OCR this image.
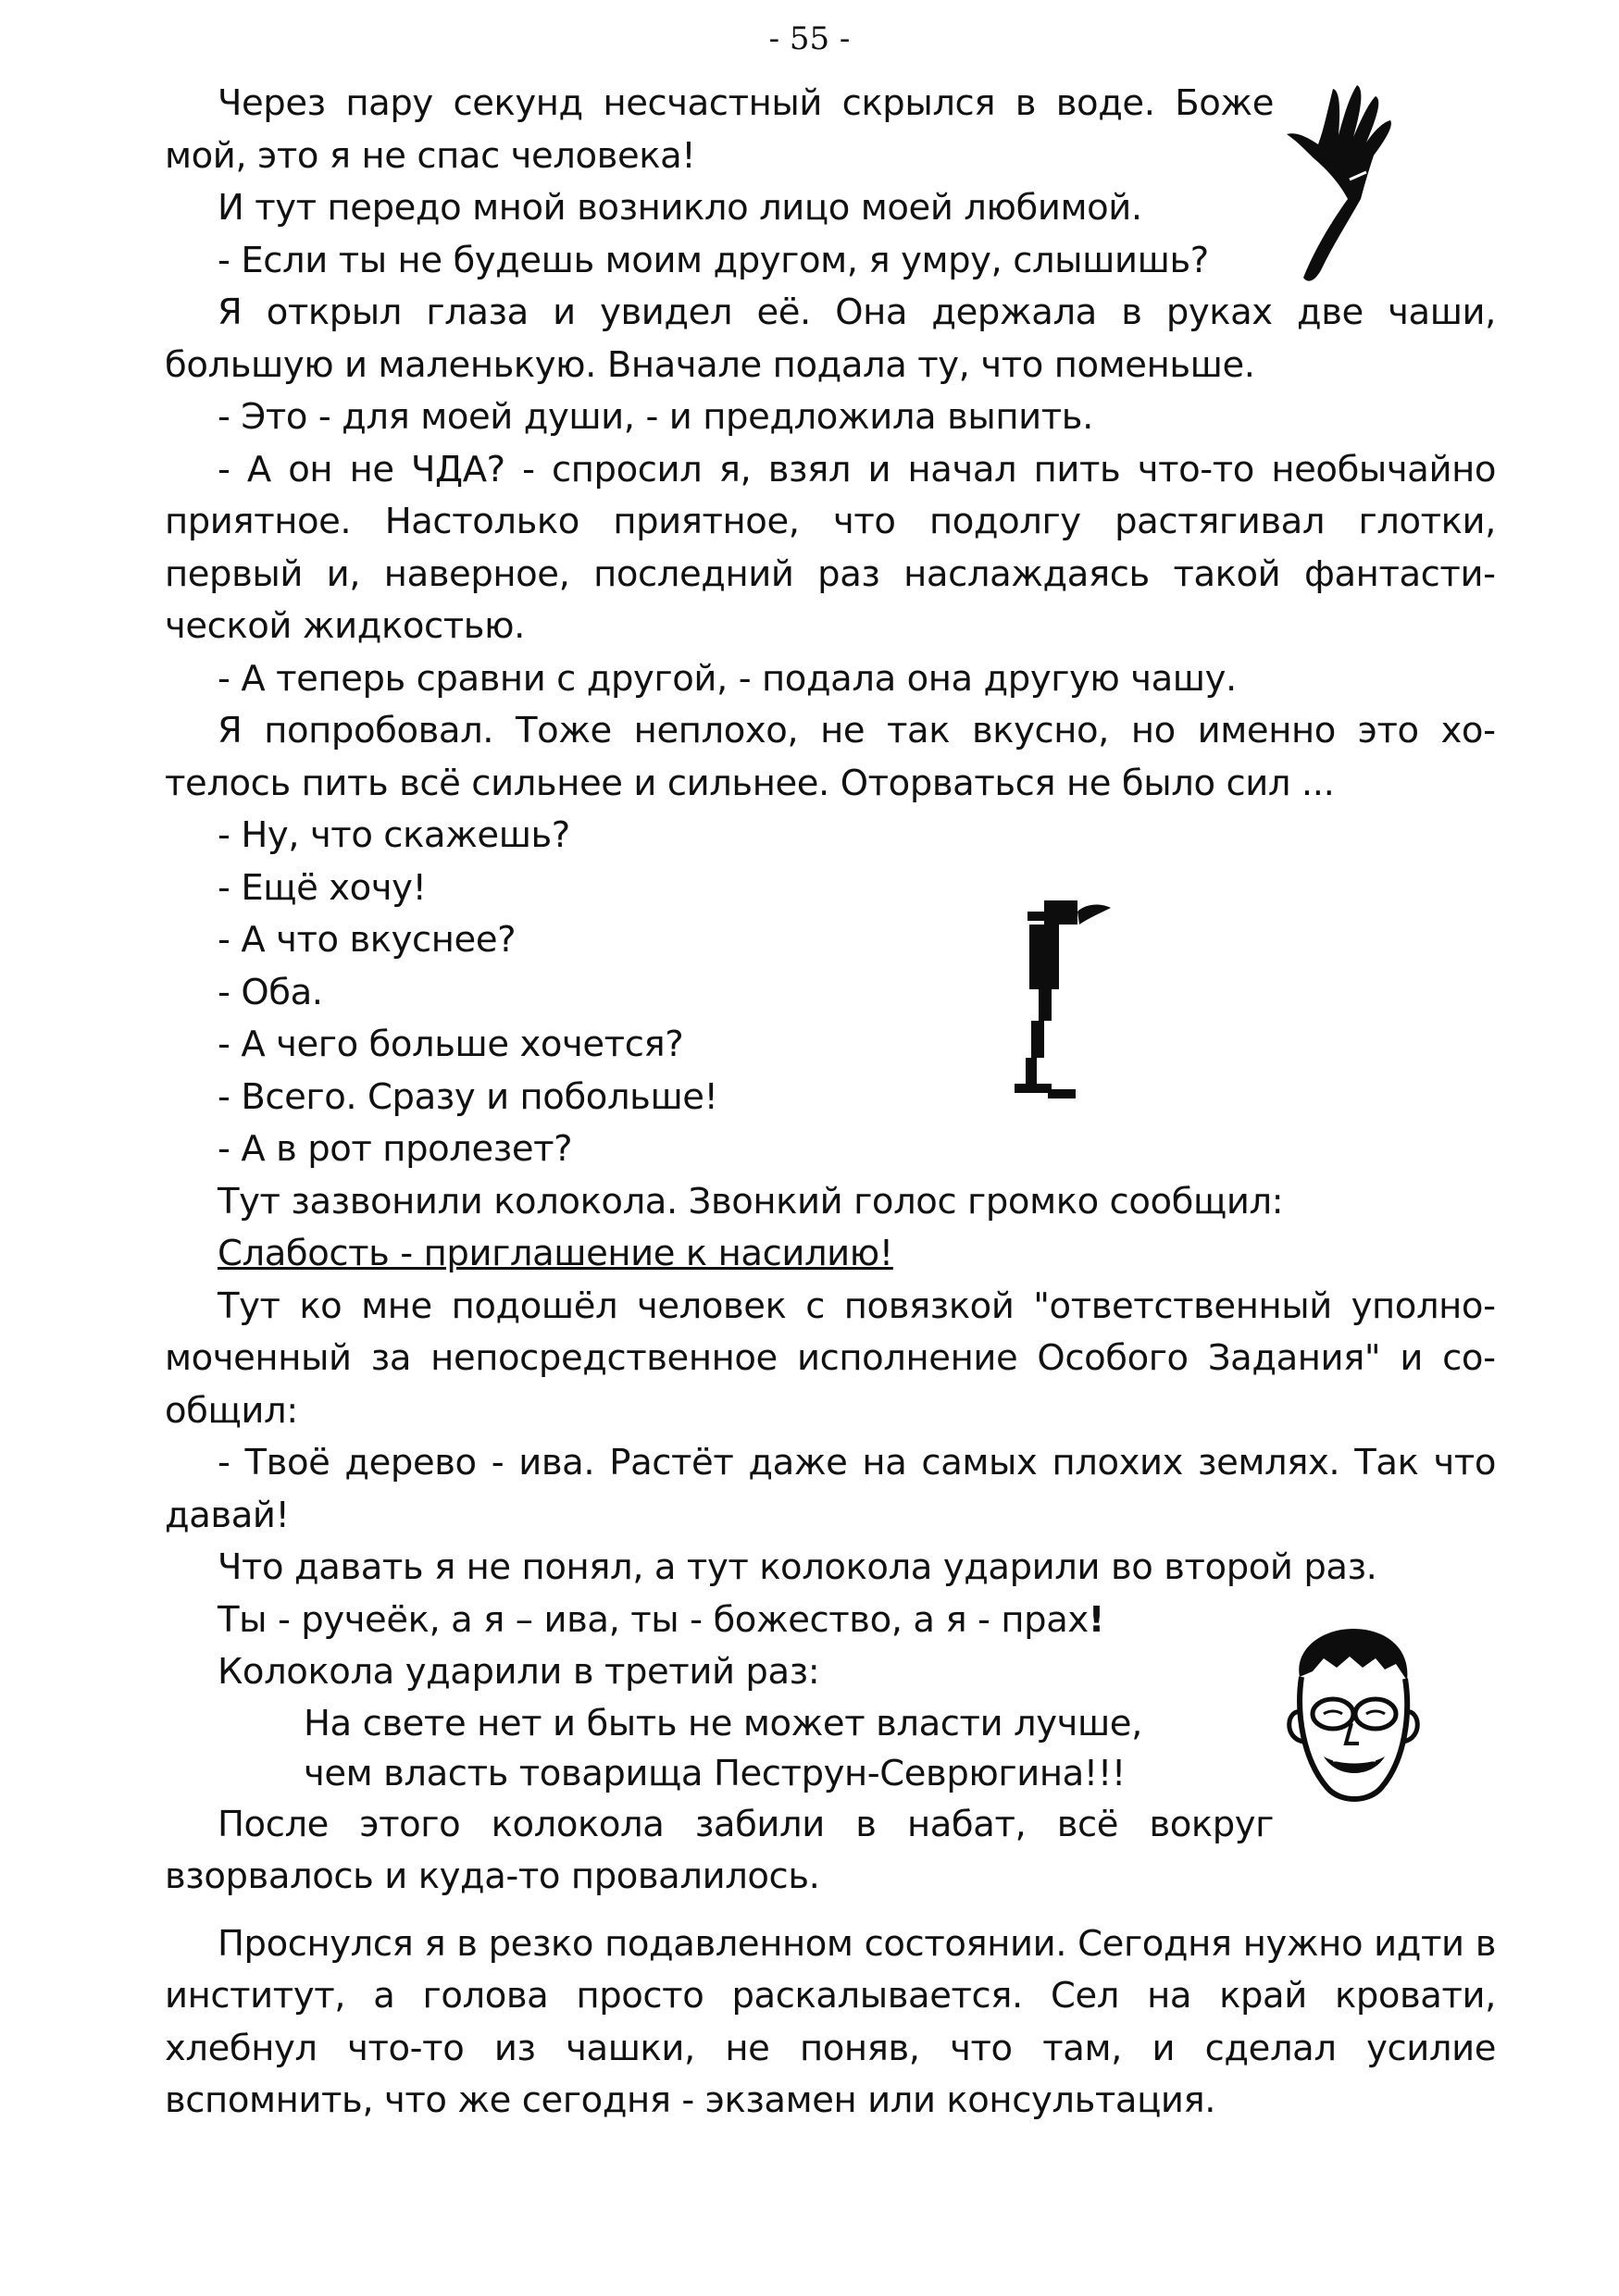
- 55 -

Через пару секунд несчастный скрылся в воде. Боже мой, это я не спас человека!

И тут передо мной возникло лицо моей любимой.

- Если ты не будешь моим другом, я умру, слышишь?

Я открыл глаза и увидел её. Она держала в руках две чаши, большую и маленькую. Вначале подала ту, что поменьше.

- Это - для моей души, - и предложила выпить.

- А он не ЧДА? - спросил я, взял и начал пить что-то необычайно приятное. Настолько приятное, что подолгу растягивал глотки, первый и, наверное, последний раз наслаждаясь такой фантастической жидкостью.

- А теперь сравни с другой, - подала она другую чашу.

Я попробовал. Тоже неплохо, не так вкусно, но именно это хотелось пить всё сильнее и сильнее. Оторваться не было сил ...

- Ну, что скажешь?

- Ещё хочу!

- А что вкуснее?

- Оба.

- А чего больше хочется?

- Всего. Сразу и побольше!

- А в рот пролезет?

Тут зазвонили колокола. Звонкий голос громко сообщил:

Слабость - приглашение к насилию!

Тут ко мне подошёл человек с повязкой "ответственный уполномоченный за непосредственное исполнение Особого Задания" и сообщил:

- Твоё дерево - ива. Растёт даже на самых плохих землях. Так что давай!

Что давать я не понял, а тут колокола ударили во второй раз.

Ты - ручеёк, а я – ива, ты - божество, а я - прах!

Колокола ударили в третий раз:

На свете нет и быть не может власти лучше,

чем власть товарища Пеструн-Севрюгина!!!

После этого колокола забили в набат, всё вокруг взорвалось и куда-то провалилось.

Проснулся я в резко подавленном состоянии. Сегодня нужно идти в институт, а голова просто раскалывается. Сел на край кровати, хлебнул что-то из чашки, не поняв, что там, и сделал усилие вспомнить, что же сегодня - экзамен или консультация.
